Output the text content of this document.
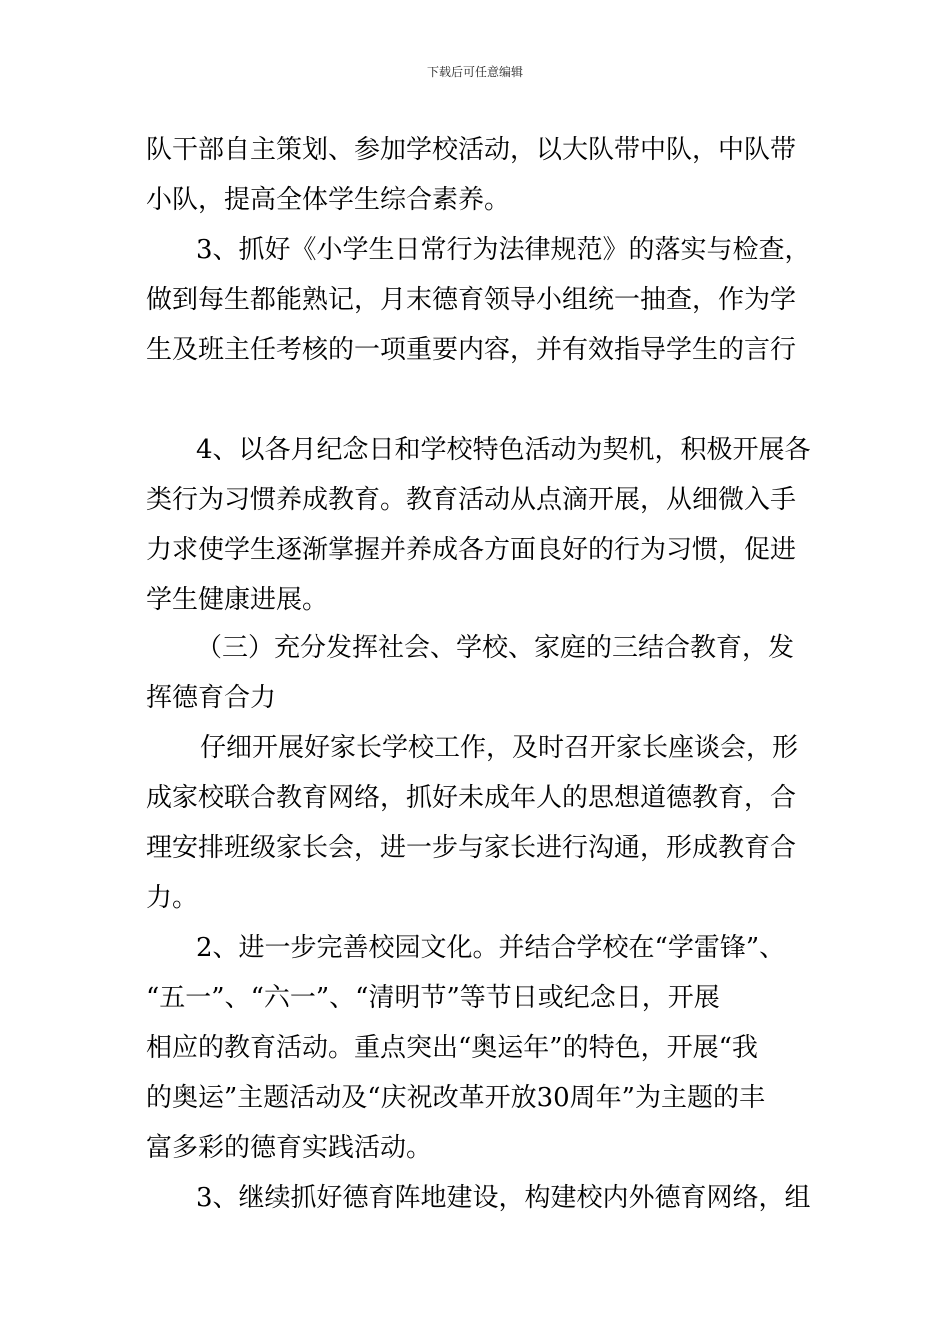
下载后可任意编辑
队干部自主策划、参加学校活动，以大队带中队，中队带
小队，提高全体学生综合素养。
3、抓好《小学生日常行为法律规范》的落实与检查，
做到每生都能熟记，月末德育领导小组统一抽查，作为学
生及班主任考核的一项重要内容，并有效指导学生的言行
4、以各月纪念日和学校特色活动为契机，积极开展各
类行为习惯养成教育。教育活动从点滴开展，从细微入手
力求使学生逐渐掌握并养成各方面良好的行为习惯，促进
学生健康进展。
（三）充分发挥社会、学校、家庭的三结合教育，发
挥德育合力
仔细开展好家长学校工作，及时召开家长座谈会，形
成家校联合教育网络，抓好未成年人的思想道德教育，合
理安排班级家长会，进一步与家长进行沟通，形成教育合
力。
2、进一步完善校园文化。并结合学校在“学雷锋”、
“五一”、“六一”、“清明节”等节日或纪念日，开展
相应的教育活动。重点突出“奥运年”的特色，开展“我
的奥运”主题活动及“庆祝改革开放30周年”为主题的丰
富多彩的德育实践活动。
3、继续抓好德育阵地建设，构建校内外德育网络，组
